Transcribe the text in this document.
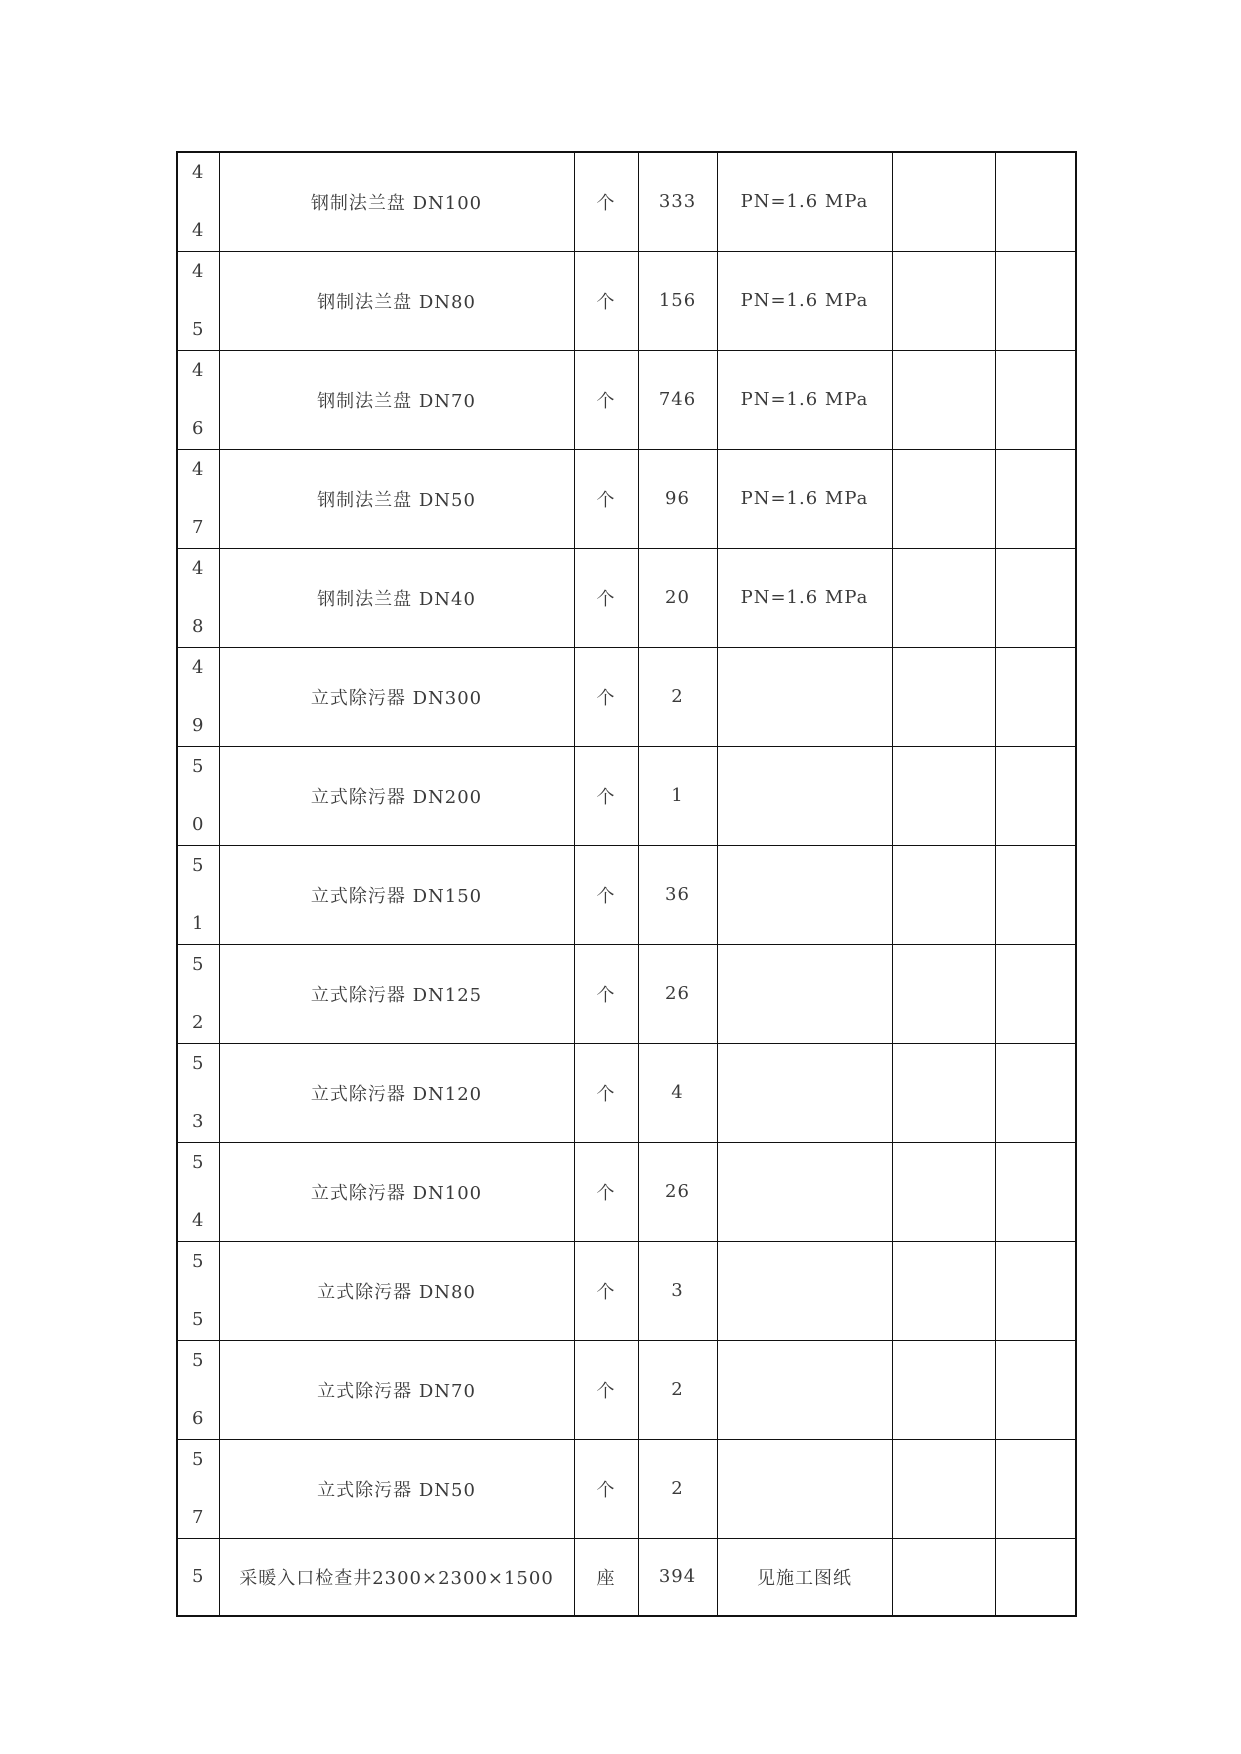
4
4	钢制法兰盘 DN100	个	333	PN=1.6 MPa		

4
5	钢制法兰盘 DN80	个	156	PN=1.6 MPa		

4
6	钢制法兰盘 DN70	个	746	PN=1.6 MPa		

4
7	钢制法兰盘 DN50	个	96	PN=1.6 MPa		

4
8	钢制法兰盘 DN40	个	20	PN=1.6 MPa		

4
9	立式除污器 DN300	个	2			

5
0	立式除污器 DN200	个	1			

5
1	立式除污器 DN150	个	36			

5
2	立式除污器 DN125	个	26			

5
3	立式除污器 DN120	个	4			

5
4	立式除污器 DN100	个	26			

5
5	立式除污器 DN80	个	3			

5
6	立式除污器 DN70	个	2			

5
7	立式除污器 DN50	个	2			

5	采暖入口检查井2300×2300×1500	座	394	见施工图纸		
